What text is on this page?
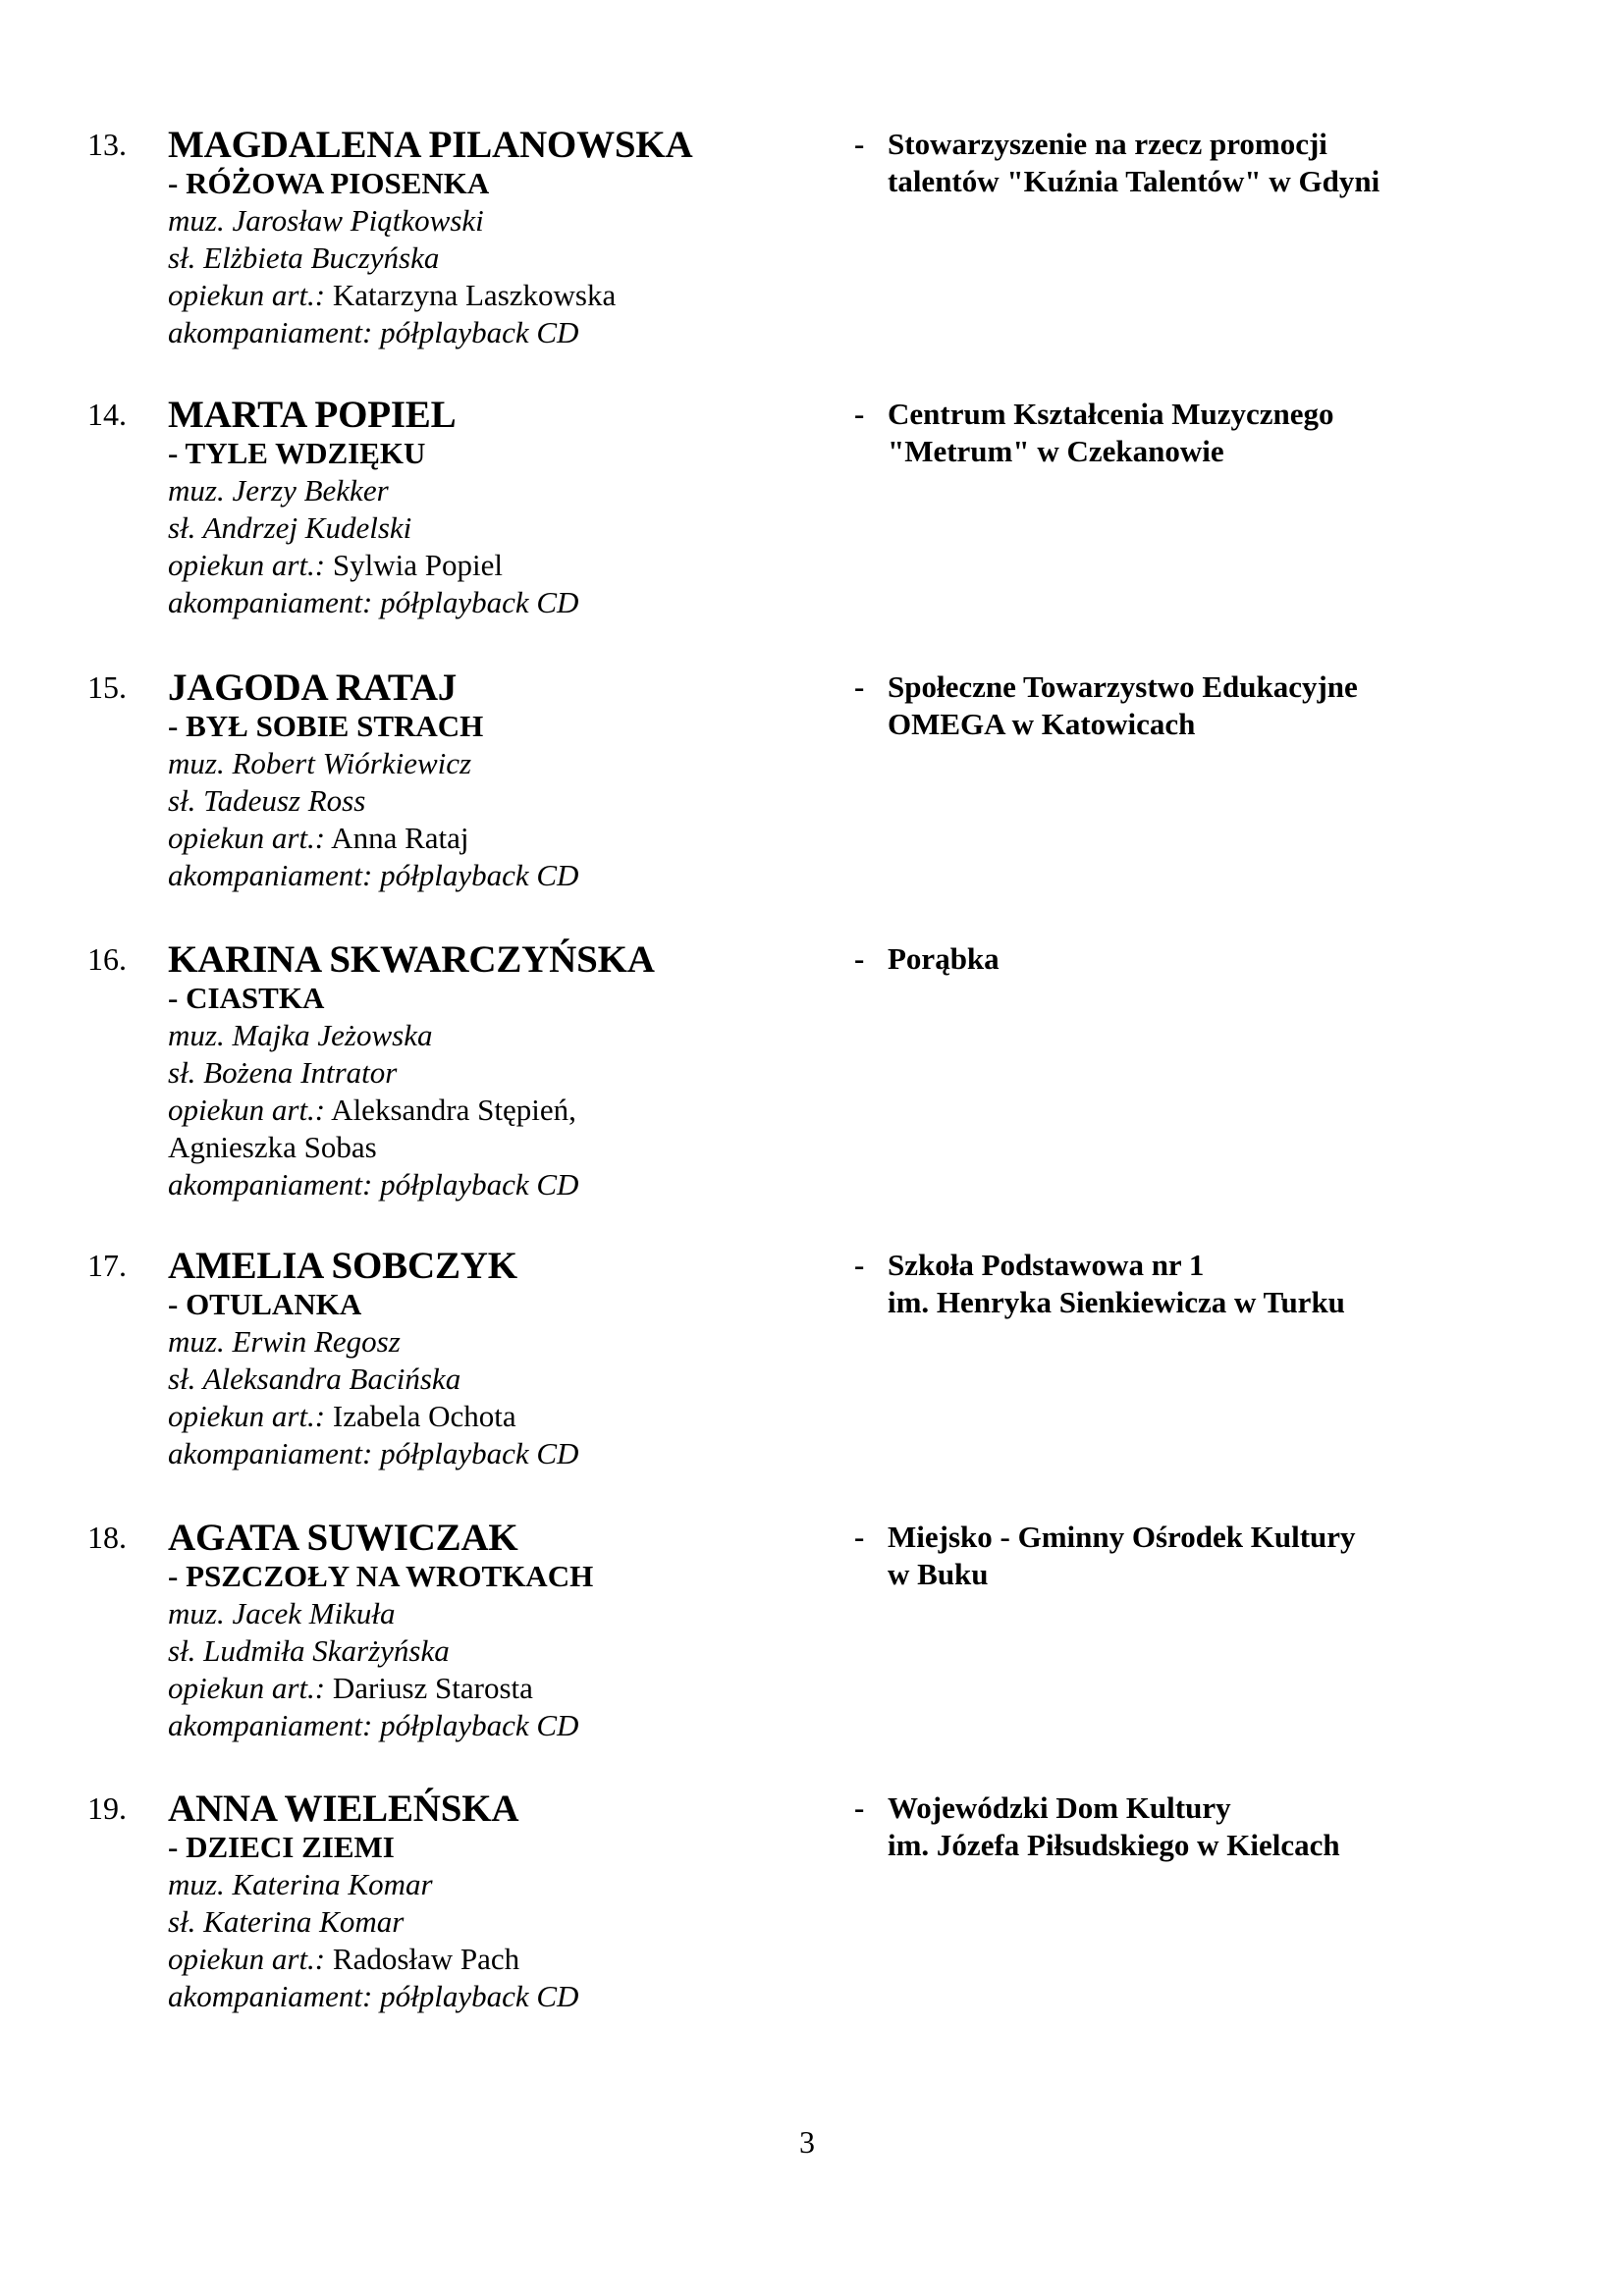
13. MAGDALENA PILANOWSKA
- RÓŻOWA PIOSENKA
muz. Jarosław Piątkowski
sł. Elżbieta Buczyńska
opiekun art.: Katarzyna Laszkowska
akompaniament: półplayback CD
- Stowarzyszenie na rzecz promocji
talentów "Kuźnia Talentów" w Gdyni
14. MARTA POPIEL
- TYLE WDZIĘKU
muz. Jerzy Bekker
sł. Andrzej Kudelski
opiekun art.: Sylwia Popiel
akompaniament: półplayback CD
- Centrum Kształcenia Muzycznego
"Metrum" w Czekanowie
15. JAGODA RATAJ
- BYŁ SOBIE STRACH
muz. Robert Wiórkiewicz
sł. Tadeusz Ross
opiekun art.: Anna Rataj
akompaniament: półplayback CD
- Społeczne Towarzystwo Edukacyjne
OMEGA w Katowicach
16. KARINA SKWARCZYŃSKA
- CIASTKA
muz. Majka Jeżowska
sł. Bożena Intrator
opiekun art.: Aleksandra Stępień,
Agnieszka Sobas
akompaniament: półplayback CD
- Porąbka
17. AMELIA SOBCZYK
- OTULANKA
muz. Erwin Regosz
sł. Aleksandra Bacińska
opiekun art.: Izabela Ochota
akompaniament: półplayback CD
- Szkoła Podstawowa nr 1
im. Henryka Sienkiewicza w Turku
18. AGATA SUWICZAK
- PSZCZOŁY NA WROTKACH
muz. Jacek Mikuła
sł. Ludmiła Skarżyńska
opiekun art.: Dariusz Starosta
akompaniament: półplayback CD
- Miejsko - Gminny Ośrodek Kultury
w Buku
19. ANNA WIELEŃSKA
- DZIECI ZIEMI
muz. Katerina Komar
sł. Katerina Komar
opiekun art.: Radosław Pach
akompaniament: półplayback CD
- Wojewódzki Dom Kultury
im. Józefa Piłsudskiego w Kielcach
3
